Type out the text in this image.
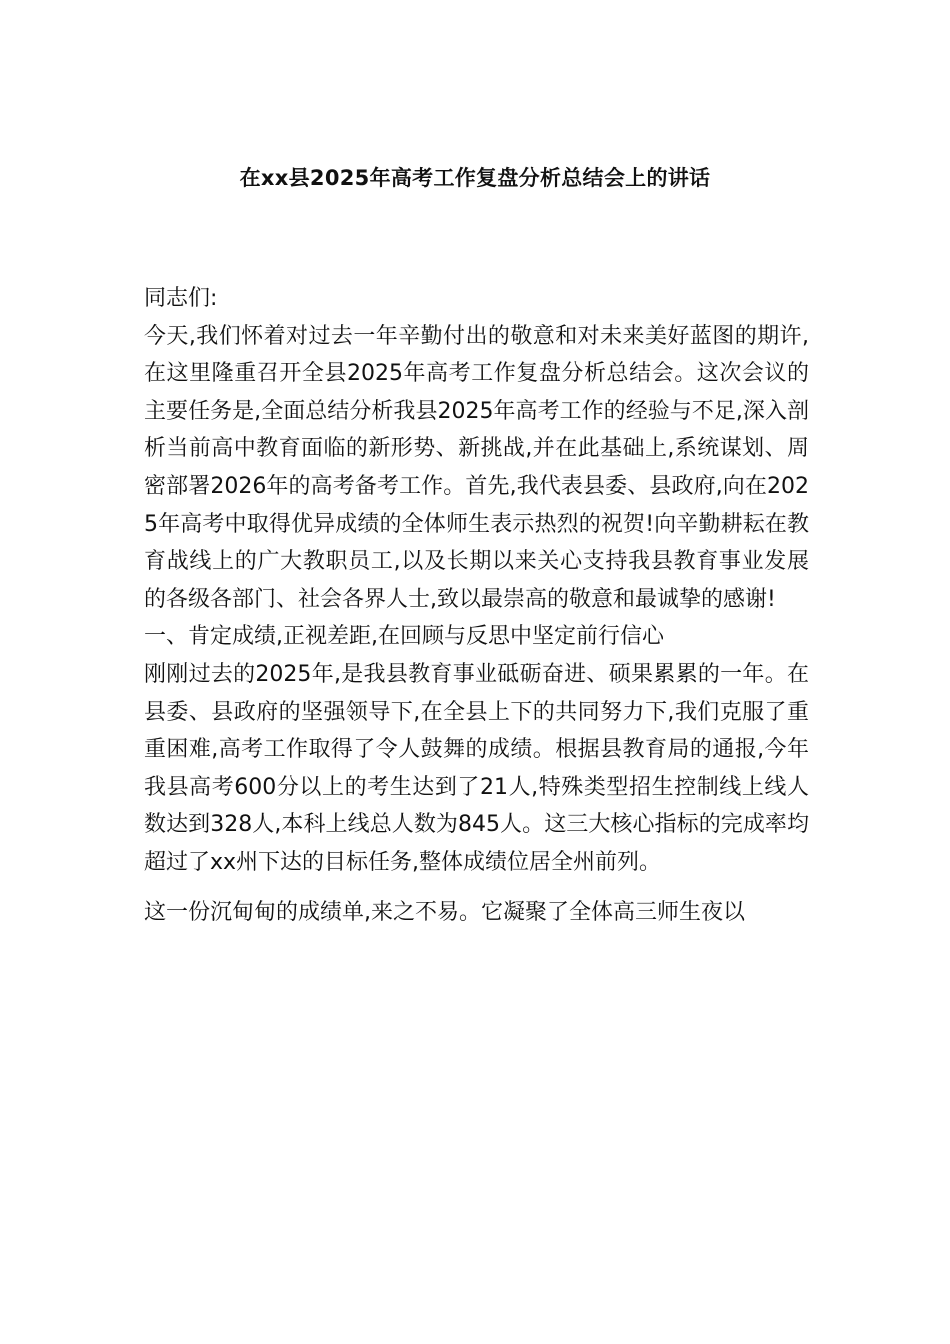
在xx县2025年高考工作复盘分析总结会上的讲话

同志们:

今天,我们怀着对过去一年辛勤付出的敬意和对未来美好蓝图的期许,在这里隆重召开全县2025年高考工作复盘分析总结会。这次会议的主要任务是,全面总结分析我县2025年高考工作的经验与不足,深入剖析当前高中教育面临的新形势、新挑战,并在此基础上,系统谋划、周密部署2026年的高考备考工作。首先,我代表县委、县政府,向在2025年高考中取得优异成绩的全体师生表示热烈的祝贺!向辛勤耕耘在教育战线上的广大教职员工,以及长期以来关心支持我县教育事业发展的各级各部门、社会各界人士,致以最崇高的敬意和最诚挚的感谢!

一、肯定成绩,正视差距,在回顾与反思中坚定前行信心

刚刚过去的2025年,是我县教育事业砥砺奋进、硕果累累的一年。在县委、县政府的坚强领导下,在全县上下的共同努力下,我们克服了重重困难,高考工作取得了令人鼓舞的成绩。根据县教育局的通报,今年我县高考600分以上的考生达到了21人,特殊类型招生控制线上线人数达到328人,本科上线总人数为845人。这三大核心指标的完成率均超过了xx州下达的目标任务,整体成绩位居全州前列。

这一份沉甸甸的成绩单,来之不易。它凝聚了全体高三师生夜以
